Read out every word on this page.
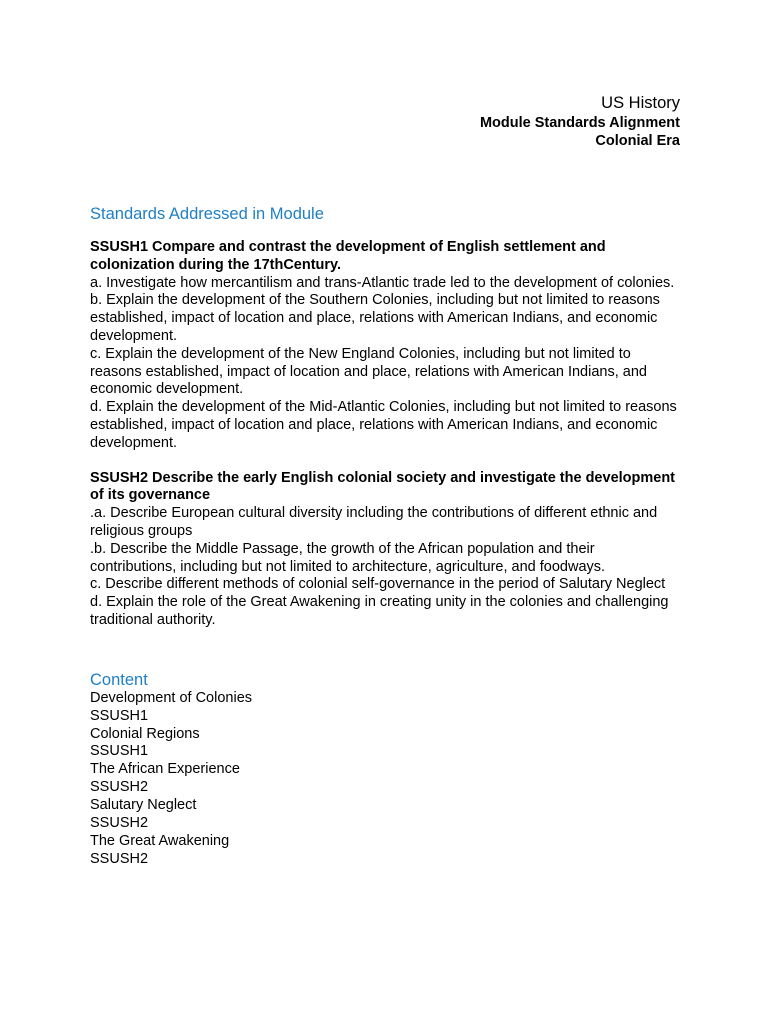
US History
Module Standards Alignment
Colonial Era
Standards Addressed in Module
SSUSH1 Compare and contrast the development of English settlement and colonization during the 17thCentury.
a. Investigate how mercantilism and trans-Atlantic trade led to the development of colonies.
b. Explain the development of the Southern Colonies, including but not limited to reasons established, impact of location and place, relations with American Indians, and economic development.
c. Explain the development of the New England Colonies, including but not limited to reasons established, impact of location and place, relations with American Indians, and economic development.
d. Explain the development of the Mid-Atlantic Colonies, including but not limited to reasons established, impact of location and place, relations with American Indians, and economic development.
SSUSH2 Describe the early English colonial society and investigate the development of its governance
.a. Describe European cultural diversity including the contributions of different ethnic and religious groups
.b. Describe the Middle Passage, the growth of the African population and their contributions, including but not limited to architecture, agriculture, and foodways.
c. Describe different methods of colonial self-governance in the period of Salutary Neglect
d. Explain the role of the Great Awakening in creating unity in the colonies and challenging traditional authority.
Content
Development of Colonies
SSUSH1
Colonial Regions
SSUSH1
The African Experience
SSUSH2
Salutary Neglect
SSUSH2
The Great Awakening
SSUSH2
